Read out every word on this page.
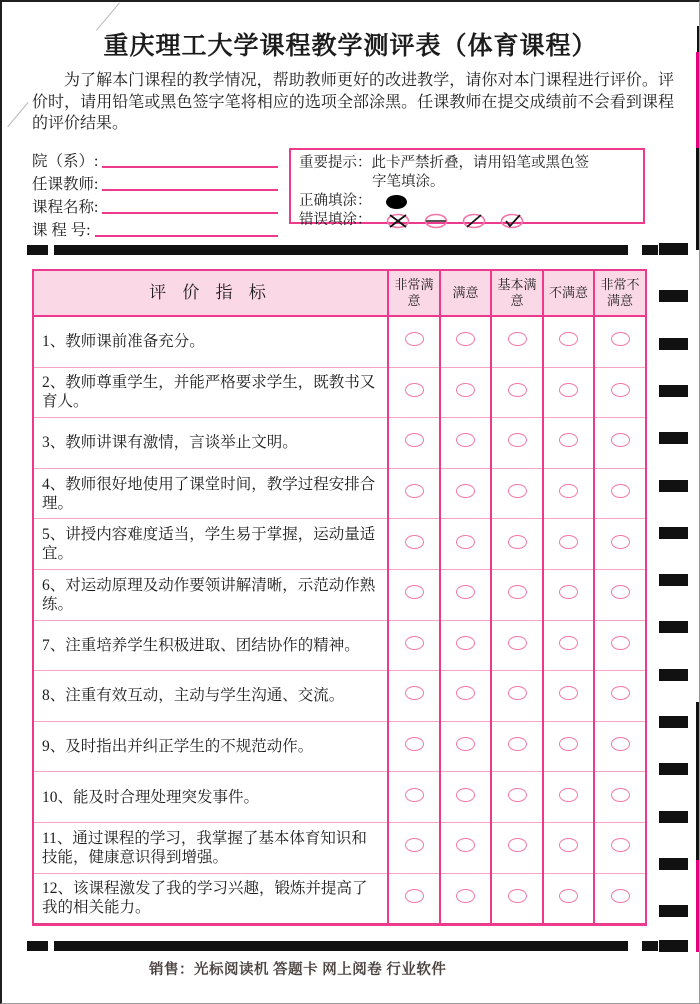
重庆理工大学课程教学测评表（体育课程）
为了解本门课程的教学情况，帮助教师更好的改进教学，请你对本门课程进行评价。评价时，请用铅笔或黑色签字笔将相应的选项全部涂黑。任课教师在提交成绩前不会看到课程的评价结果。
院（系）:
任课教师:
课程名称:
课 程 号:
重要提示：此卡严禁折叠，请用铅笔或黑色签
字笔填涂。
正确填涂：
错误填涂：
评 价 指 标	非常满意	满意	基本满意	不满意	非常不满意
1、教师课前准备充分。					
2、教师尊重学生，并能严格要求学生，既教书又育人。					
3、教师讲课有激情，言谈举止文明。					
4、教师很好地使用了课堂时间，教学过程安排合理。					
5、讲授内容难度适当，学生易于掌握，运动量适宜。					
6、对运动原理及动作要领讲解清晰，示范动作熟练。					
7、注重培养学生积极进取、团结协作的精神。					
8、注重有效互动，主动与学生沟通、交流。					
9、及时指出并纠正学生的不规范动作。					
10、能及时合理处理突发事件。					
11、通过课程的学习，我掌握了基本体育知识和技能，健康意识得到增强。					
12、该课程激发了我的学习兴趣，锻炼并提高了我的相关能力。					
销售：光标阅读机 答题卡 网上阅卷 行业软件
